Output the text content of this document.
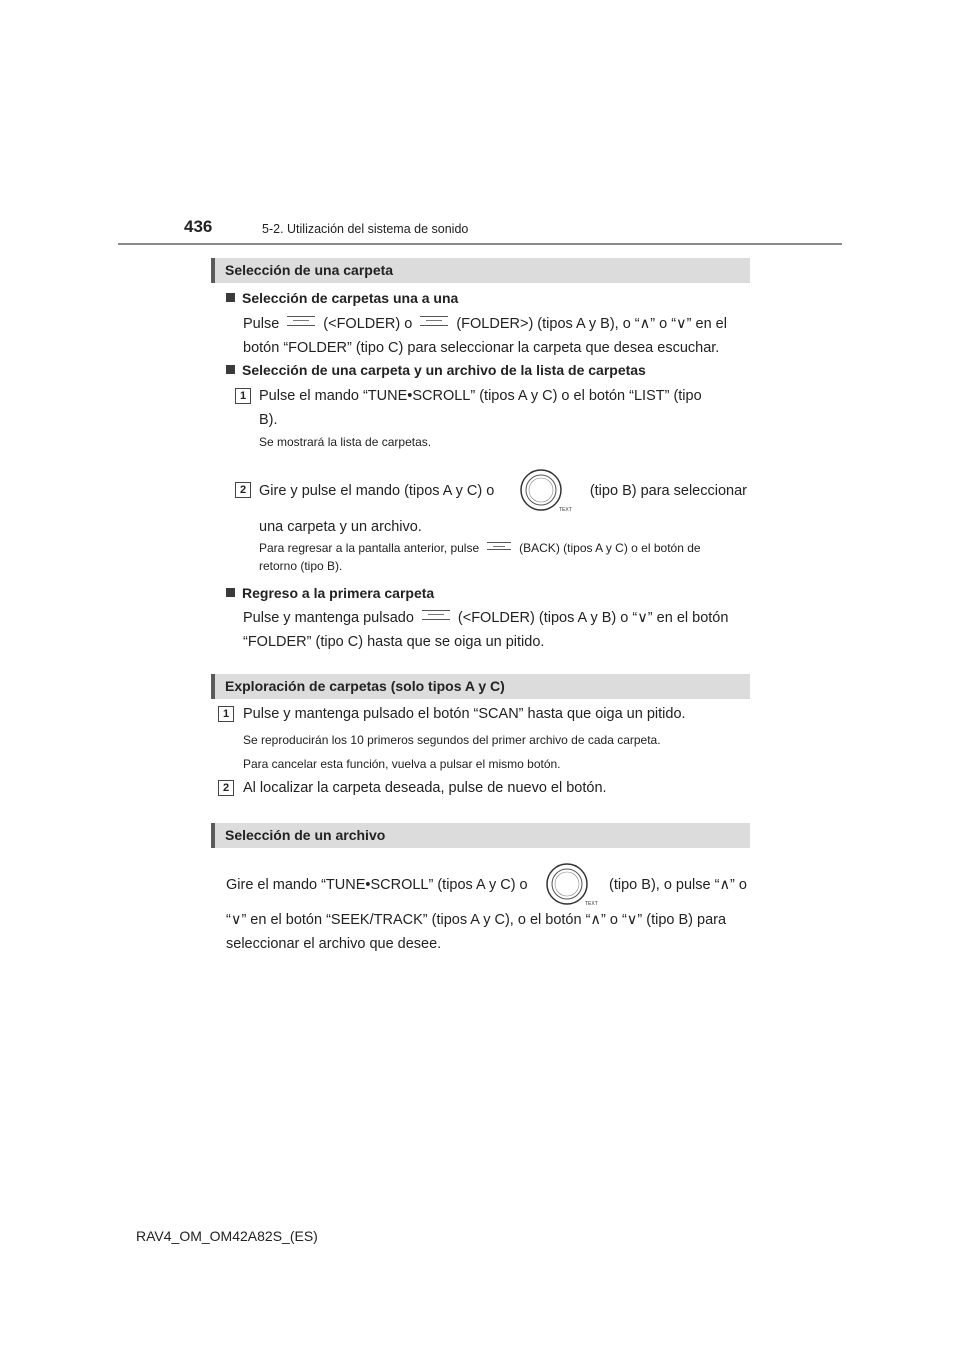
436	5-2. Utilización del sistema de sonido
Selección de una carpeta
Selección de carpetas una a una
Pulse	(<FOLDER) o	(FOLDER>) (tipos A y B), o “∧” o “∨” en el
botón “FOLDER” (tipo C) para seleccionar la carpeta que desea escuchar.
Selección de una carpeta y un archivo de la lista de carpetas
1 Pulse el mando “TUNE•SCROLL” (tipos A y C) o el botón “LIST” (tipo
B).
Se mostrará la lista de carpetas.
2 Gire y pulse el mando (tipos A y C) o
TEXT
(tipo B) para seleccionar
una carpeta y un archivo.
Para regresar a la pantalla anterior, pulse	(BACK) (tipos A y C) o el botón de
retorno (tipo B).
Regreso a la primera carpeta
Pulse y mantenga pulsado	(<FOLDER) (tipos A y B) o “∨” en el botón
“FOLDER” (tipo C) hasta que se oiga un pitido.
Exploración de carpetas (solo tipos A y C)
1 Pulse y mantenga pulsado el botón “SCAN” hasta que oiga un pitido.
Se reproducirán los 10 primeros segundos del primer archivo de cada carpeta.
Para cancelar esta función, vuelva a pulsar el mismo botón.
2 Al localizar la carpeta deseada, pulse de nuevo el botón.
Selección de un archivo
Gire el mando “TUNE•SCROLL” (tipos A y C) o
TEXT
(tipo B), o pulse “∧” o
“∨” en el botón “SEEK/TRACK” (tipos A y C), o el botón “∧” o “∨” (tipo B) para
seleccionar el archivo que desee.
RAV4_OM_OM42A82S_(ES)
